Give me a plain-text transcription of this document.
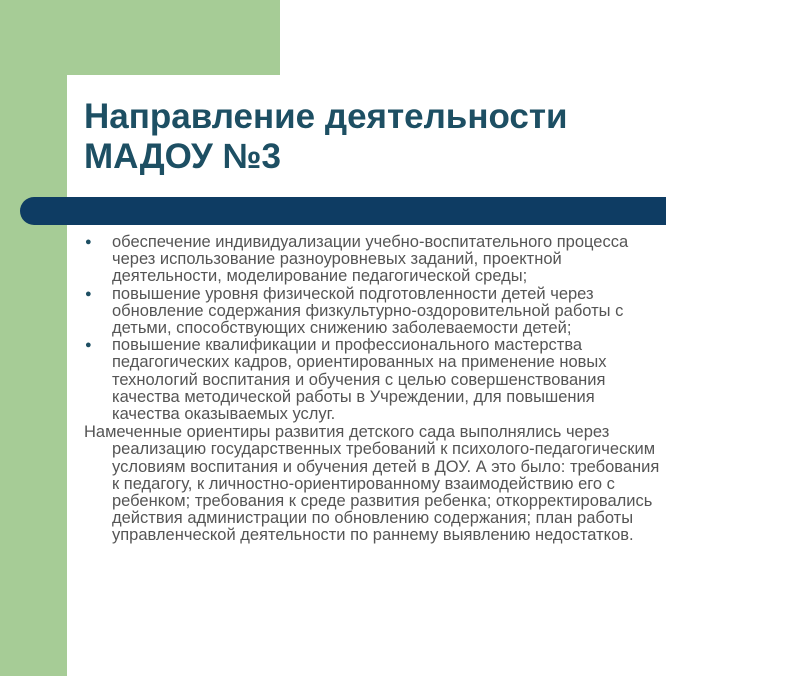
Направление деятельности
МАДОУ №3
● обеспечение индивидуализации учебно-воспитательного процесса
через использование разноуровневых заданий, проектной
деятельности, моделирование педагогической среды;
● повышение уровня физической подготовленности детей через
обновление содержания физкультурно-оздоровительной работы с
детьми, способствующих снижению заболеваемости детей;
● повышение квалификации и профессионального мастерства
педагогических кадров, ориентированных на применение новых
технологий воспитания и обучения с целью совершенствования
качества методической работы в Учреждении, для повышения
качества оказываемых услуг.

Намеченные ориентиры развития детского сада выполнялись через
реализацию государственных требований к психолого-педагогическим
условиям воспитания и обучения детей в ДОУ. А это было: требования
к педагогу, к личностно-ориентированному взаимодействию его с
ребенком; требования к среде развития ребенка; откорректировались
действия администрации по обновлению содержания; план работы
управленческой деятельности по раннему выявлению недостатков.
